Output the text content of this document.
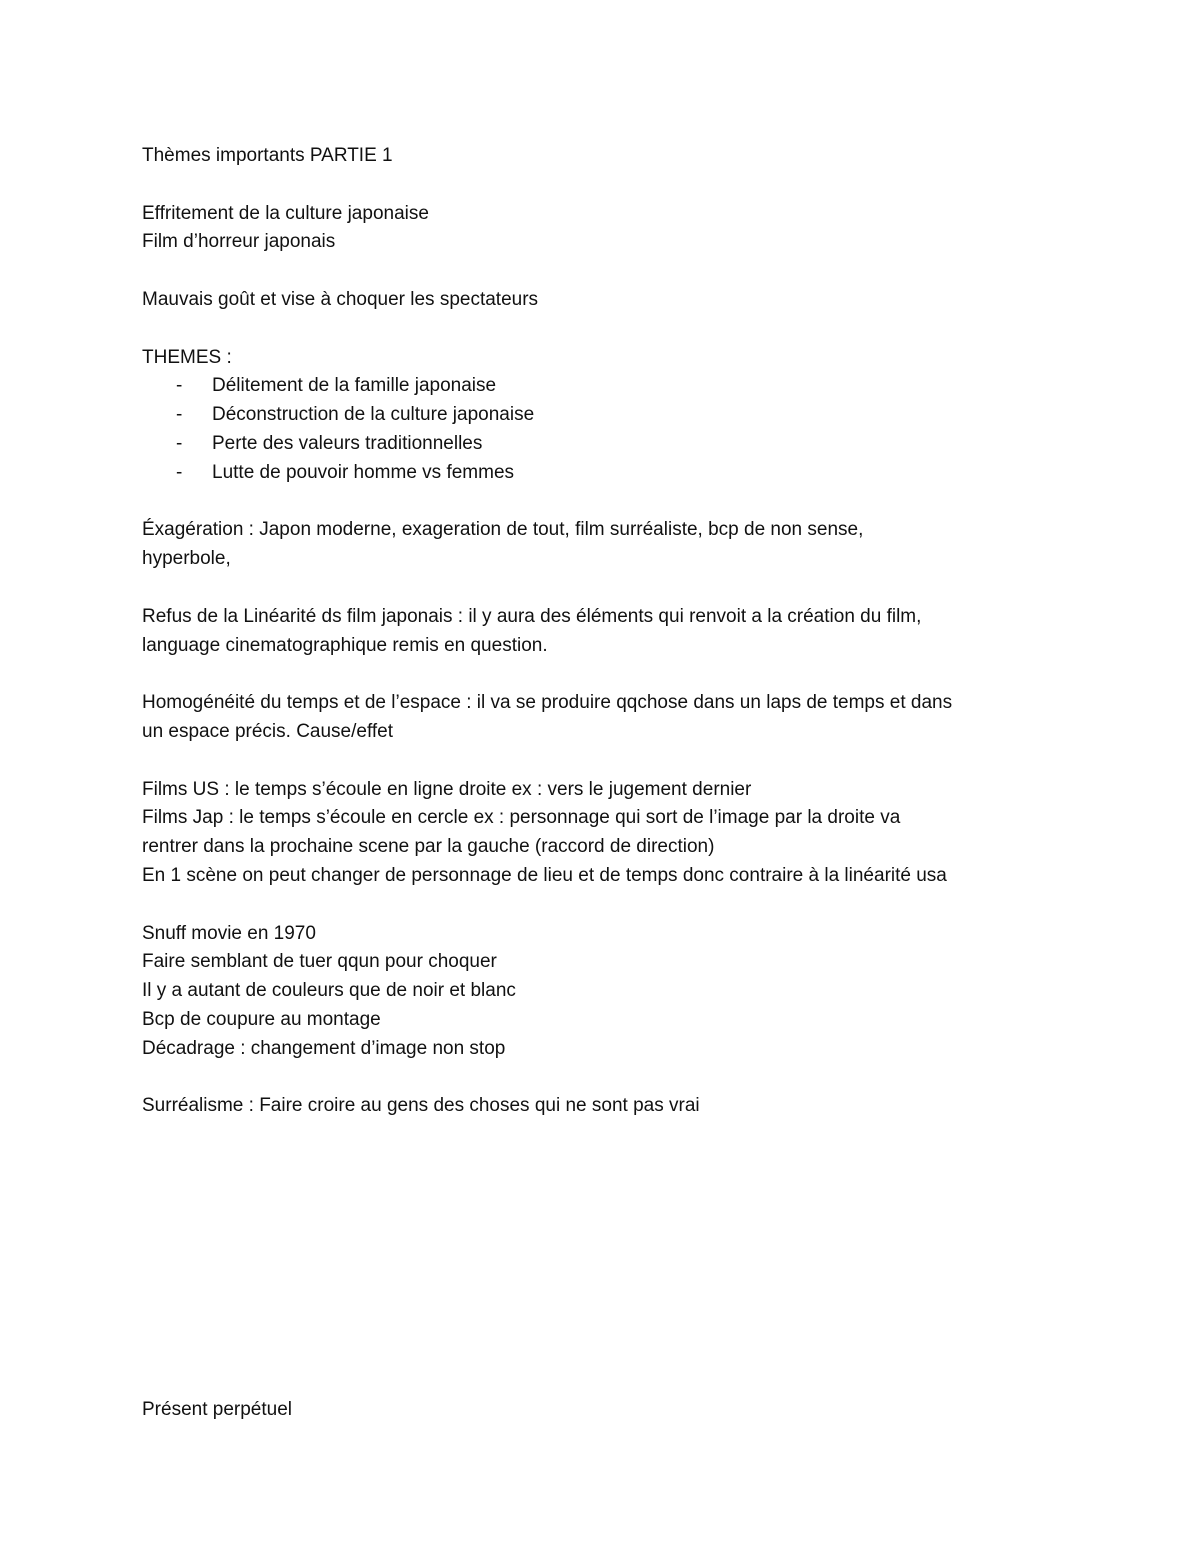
Thèmes importants PARTIE 1

Effritement de la culture japonaise

Film d’horreur japonais

Mauvais goût et vise à choquer les spectateurs

THEMES :

- Délitement de la famille japonaise
- Déconstruction de la culture japonaise
- Perte des valeurs traditionnelles
- Lutte de pouvoir homme vs femmes

Éxagération : Japon moderne, exageration de tout, film surréaliste, bcp de non sense,

hyperbole,

Refus de la Linéarité ds film japonais : il y aura des éléments qui renvoit a la création du film,

language cinematographique remis en question.

Homogénéité du temps et de l’espace : il va se produire qqchose dans un laps de temps et dans

un espace précis. Cause/effet

Films US : le temps s’écoule en ligne droite ex : vers le jugement dernier

Films Jap : le temps s’écoule en cercle ex : personnage qui sort de l’image par la droite va

rentrer dans la prochaine scene par la gauche (raccord de direction)

En 1 scène on peut changer de personnage de lieu et de temps donc contraire à la linéarité usa

Snuff movie en 1970

Faire semblant de tuer qqun pour choquer

Il y a autant de couleurs que de noir et blanc

Bcp de coupure au montage

Décadrage : changement d’image non stop

Surréalisme : Faire croire au gens des choses qui ne sont pas vrai

Présent perpétuel
